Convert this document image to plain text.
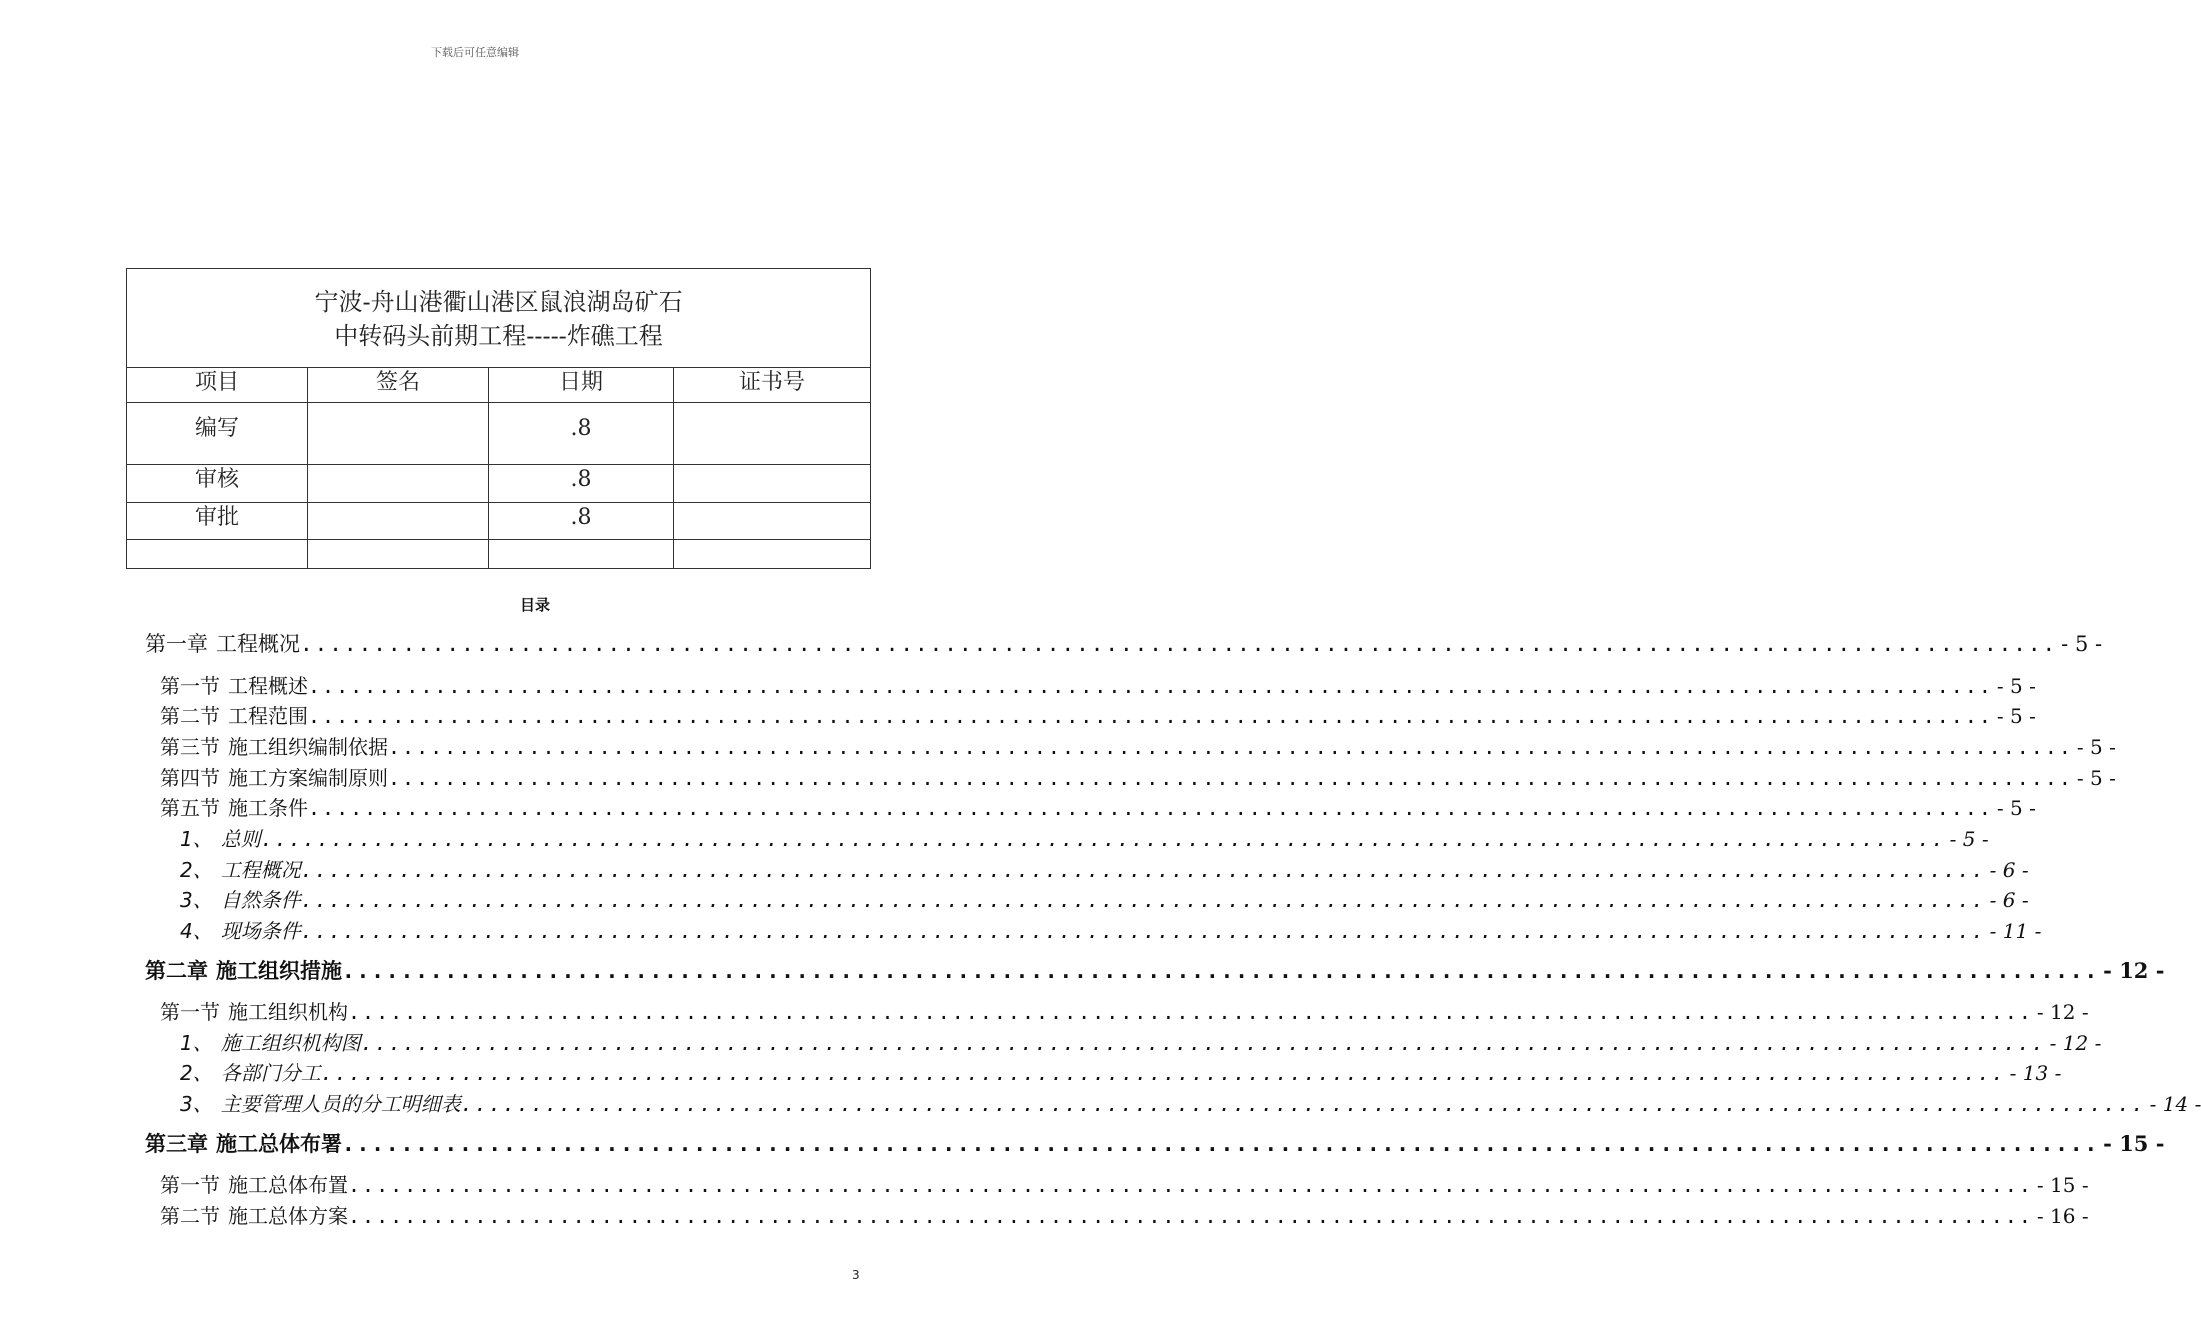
下载后可任意编辑
宁波-舟山港衢山港区鼠浪湖岛矿石
中转码头前期工程-----炸礁工程			

项目	签名	日期	证书号
编写		.8	
审核		.8	
审批		.8	

目录
第一章 工程概况 ........................................................................................................................ - 5 -
第一节 工程概述 ........................................................................................................................ - 5 -
第二节 工程范围 ........................................................................................................................ - 5 -
第三节 施工组织编制依据 ........................................................................................................................ - 5 -
第四节 施工方案编制原则 ........................................................................................................................ - 5 -
第五节 施工条件 ........................................................................................................................ - 5 -
1、 总则 ........................................................................................................................ - 5 -
2、 工程概况 ........................................................................................................................ - 6 -
3、 自然条件 ........................................................................................................................ - 6 -
4、 现场条件 ........................................................................................................................ - 11 -
第二章 施工组织措施 ........................................................................................................................ - 12 -
第一节 施工组织机构 ........................................................................................................................ - 12 -
1、 施工组织机构图 ........................................................................................................................ - 12 -
2、 各部门分工 ........................................................................................................................ - 13 -
3、 主要管理人员的分工明细表 ........................................................................................................................ - 14 -
第三章 施工总体布署 ........................................................................................................................ - 15 -
第一节 施工总体布置 ........................................................................................................................ - 15 -
第二节 施工总体方案 ........................................................................................................................ - 16 -
3
